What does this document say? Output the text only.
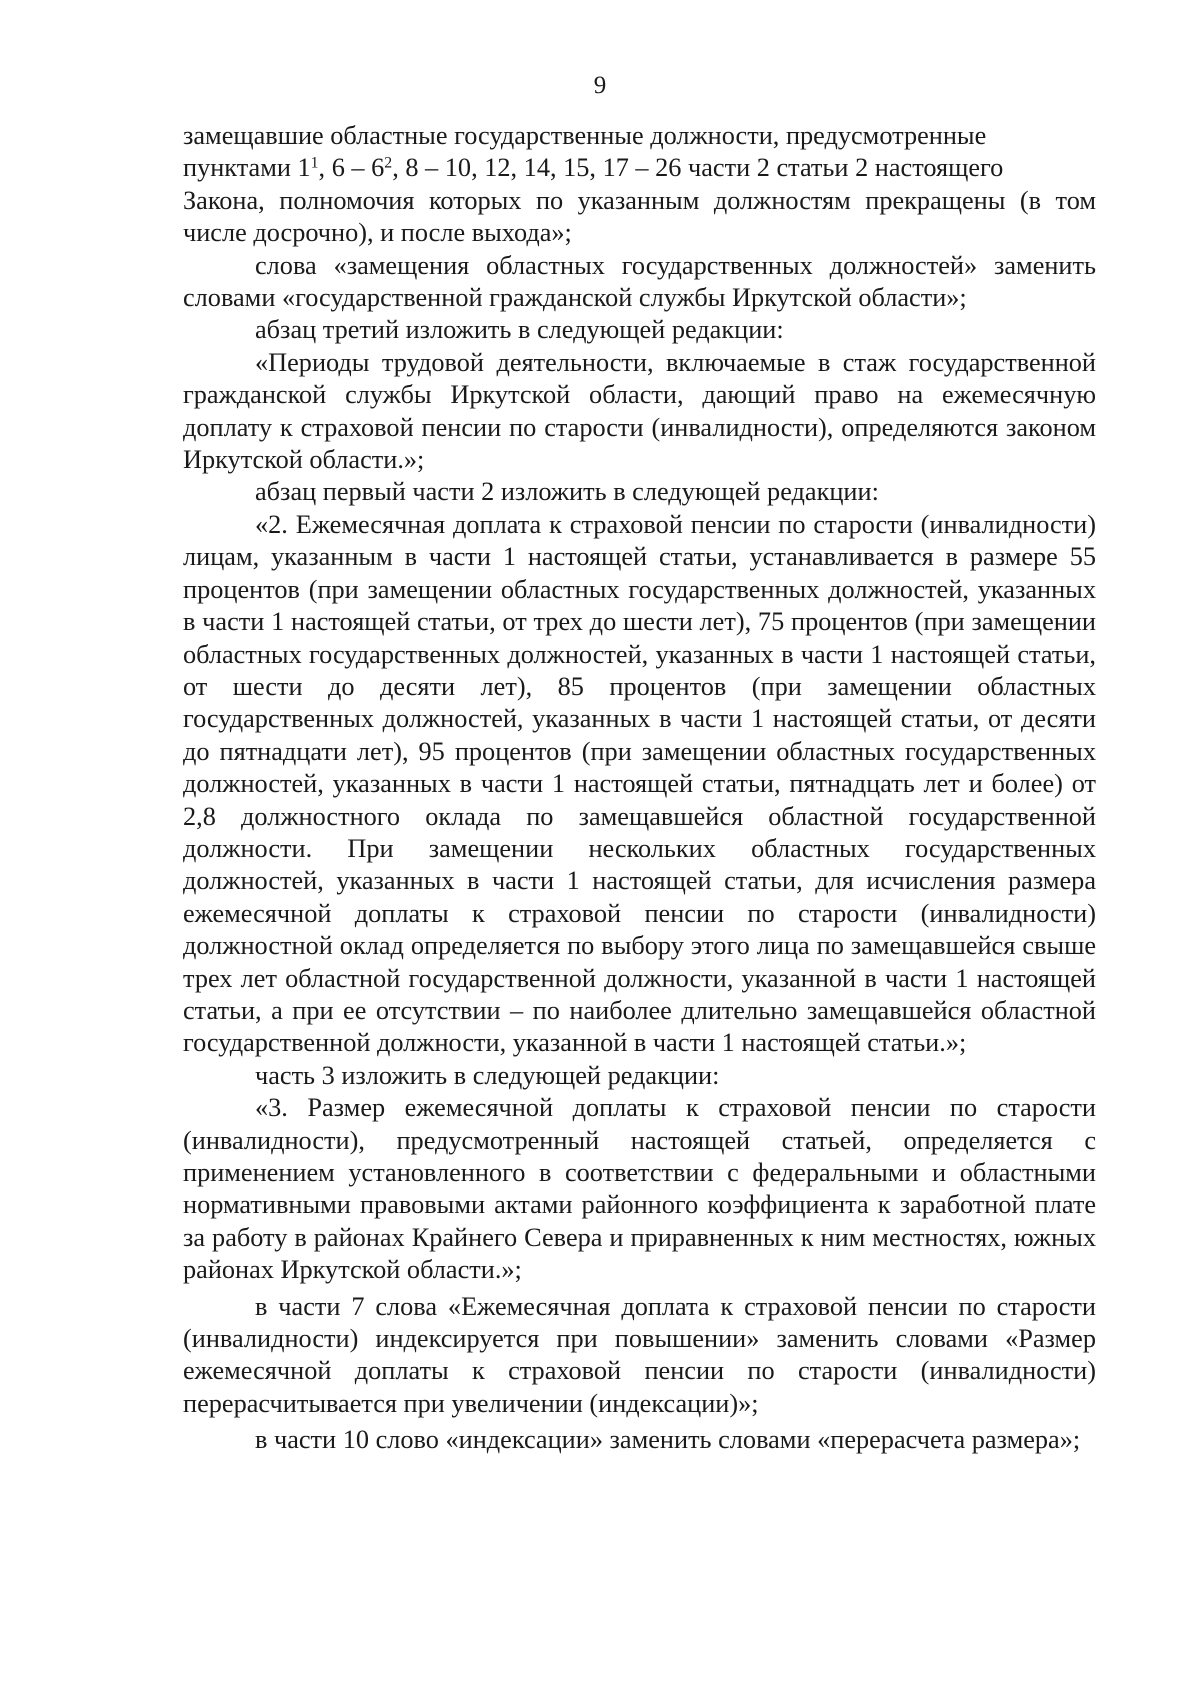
9

замещавшие областные государственные должности, предусмотренные
пунктами $1^1$, $6 - 6^2$, 8 – 10, 12, 14, 15, 17 – 26 части 2 статьи 2 настоящего
Закона, полномочия которых по указанным должностям прекращены (в том числе досрочно), и после выхода»;

слова «замещения областных государственных должностей» заменить словами «государственной гражданской службы Иркутской области»;

абзац третий изложить в следующей редакции:

«Периоды трудовой деятельности, включаемые в стаж государственной гражданской службы Иркутской области, дающий право на ежемесячную доплату к страховой пенсии по старости (инвалидности), определяются законом Иркутской области.»;

абзац первый части 2 изложить в следующей редакции:

«2. Ежемесячная доплата к страховой пенсии по старости (инвалидности) лицам, указанным в части 1 настоящей статьи, устанавливается в размере 55 процентов (при замещении областных государственных должностей, указанных в части 1 настоящей статьи, от трех до шести лет), 75 процентов (при замещении областных государственных должностей, указанных в части 1 настоящей статьи, от шести до десяти лет), 85 процентов (при замещении областных государственных должностей, указанных в части 1 настоящей статьи, от десяти до пятнадцати лет), 95 процентов (при замещении областных государственных должностей, указанных в части 1 настоящей статьи, пятнадцать лет и более) от 2,8 должностного оклада по замещавшейся областной государственной должности. При замещении нескольких областных государственных должностей, указанных в части 1 настоящей статьи, для исчисления размера ежемесячной доплаты к страховой пенсии по старости (инвалидности) должностной оклад определяется по выбору этого лица по замещавшейся свыше трех лет областной государственной должности, указанной в части 1 настоящей статьи, а при ее отсутствии – по наиболее длительно замещавшейся областной государственной должности, указанной в части 1 настоящей статьи.»;

часть 3 изложить в следующей редакции:

«3. Размер ежемесячной доплаты к страховой пенсии по старости (инвалидности), предусмотренный настоящей статьей, определяется с применением установленного в соответствии с федеральными и областными нормативными правовыми актами районного коэффициента к заработной плате за работу в районах Крайнего Севера и приравненных к ним местностях, южных районах Иркутской области.»;

в части 7 слова «Ежемесячная доплата к страховой пенсии по старости (инвалидности) индексируется при повышении» заменить словами «Размер ежемесячной доплаты к страховой пенсии по старости (инвалидности) перерасчитывается при увеличении (индексации)»;

в части 10 слово «индексации» заменить словами «перерасчета размера»;
